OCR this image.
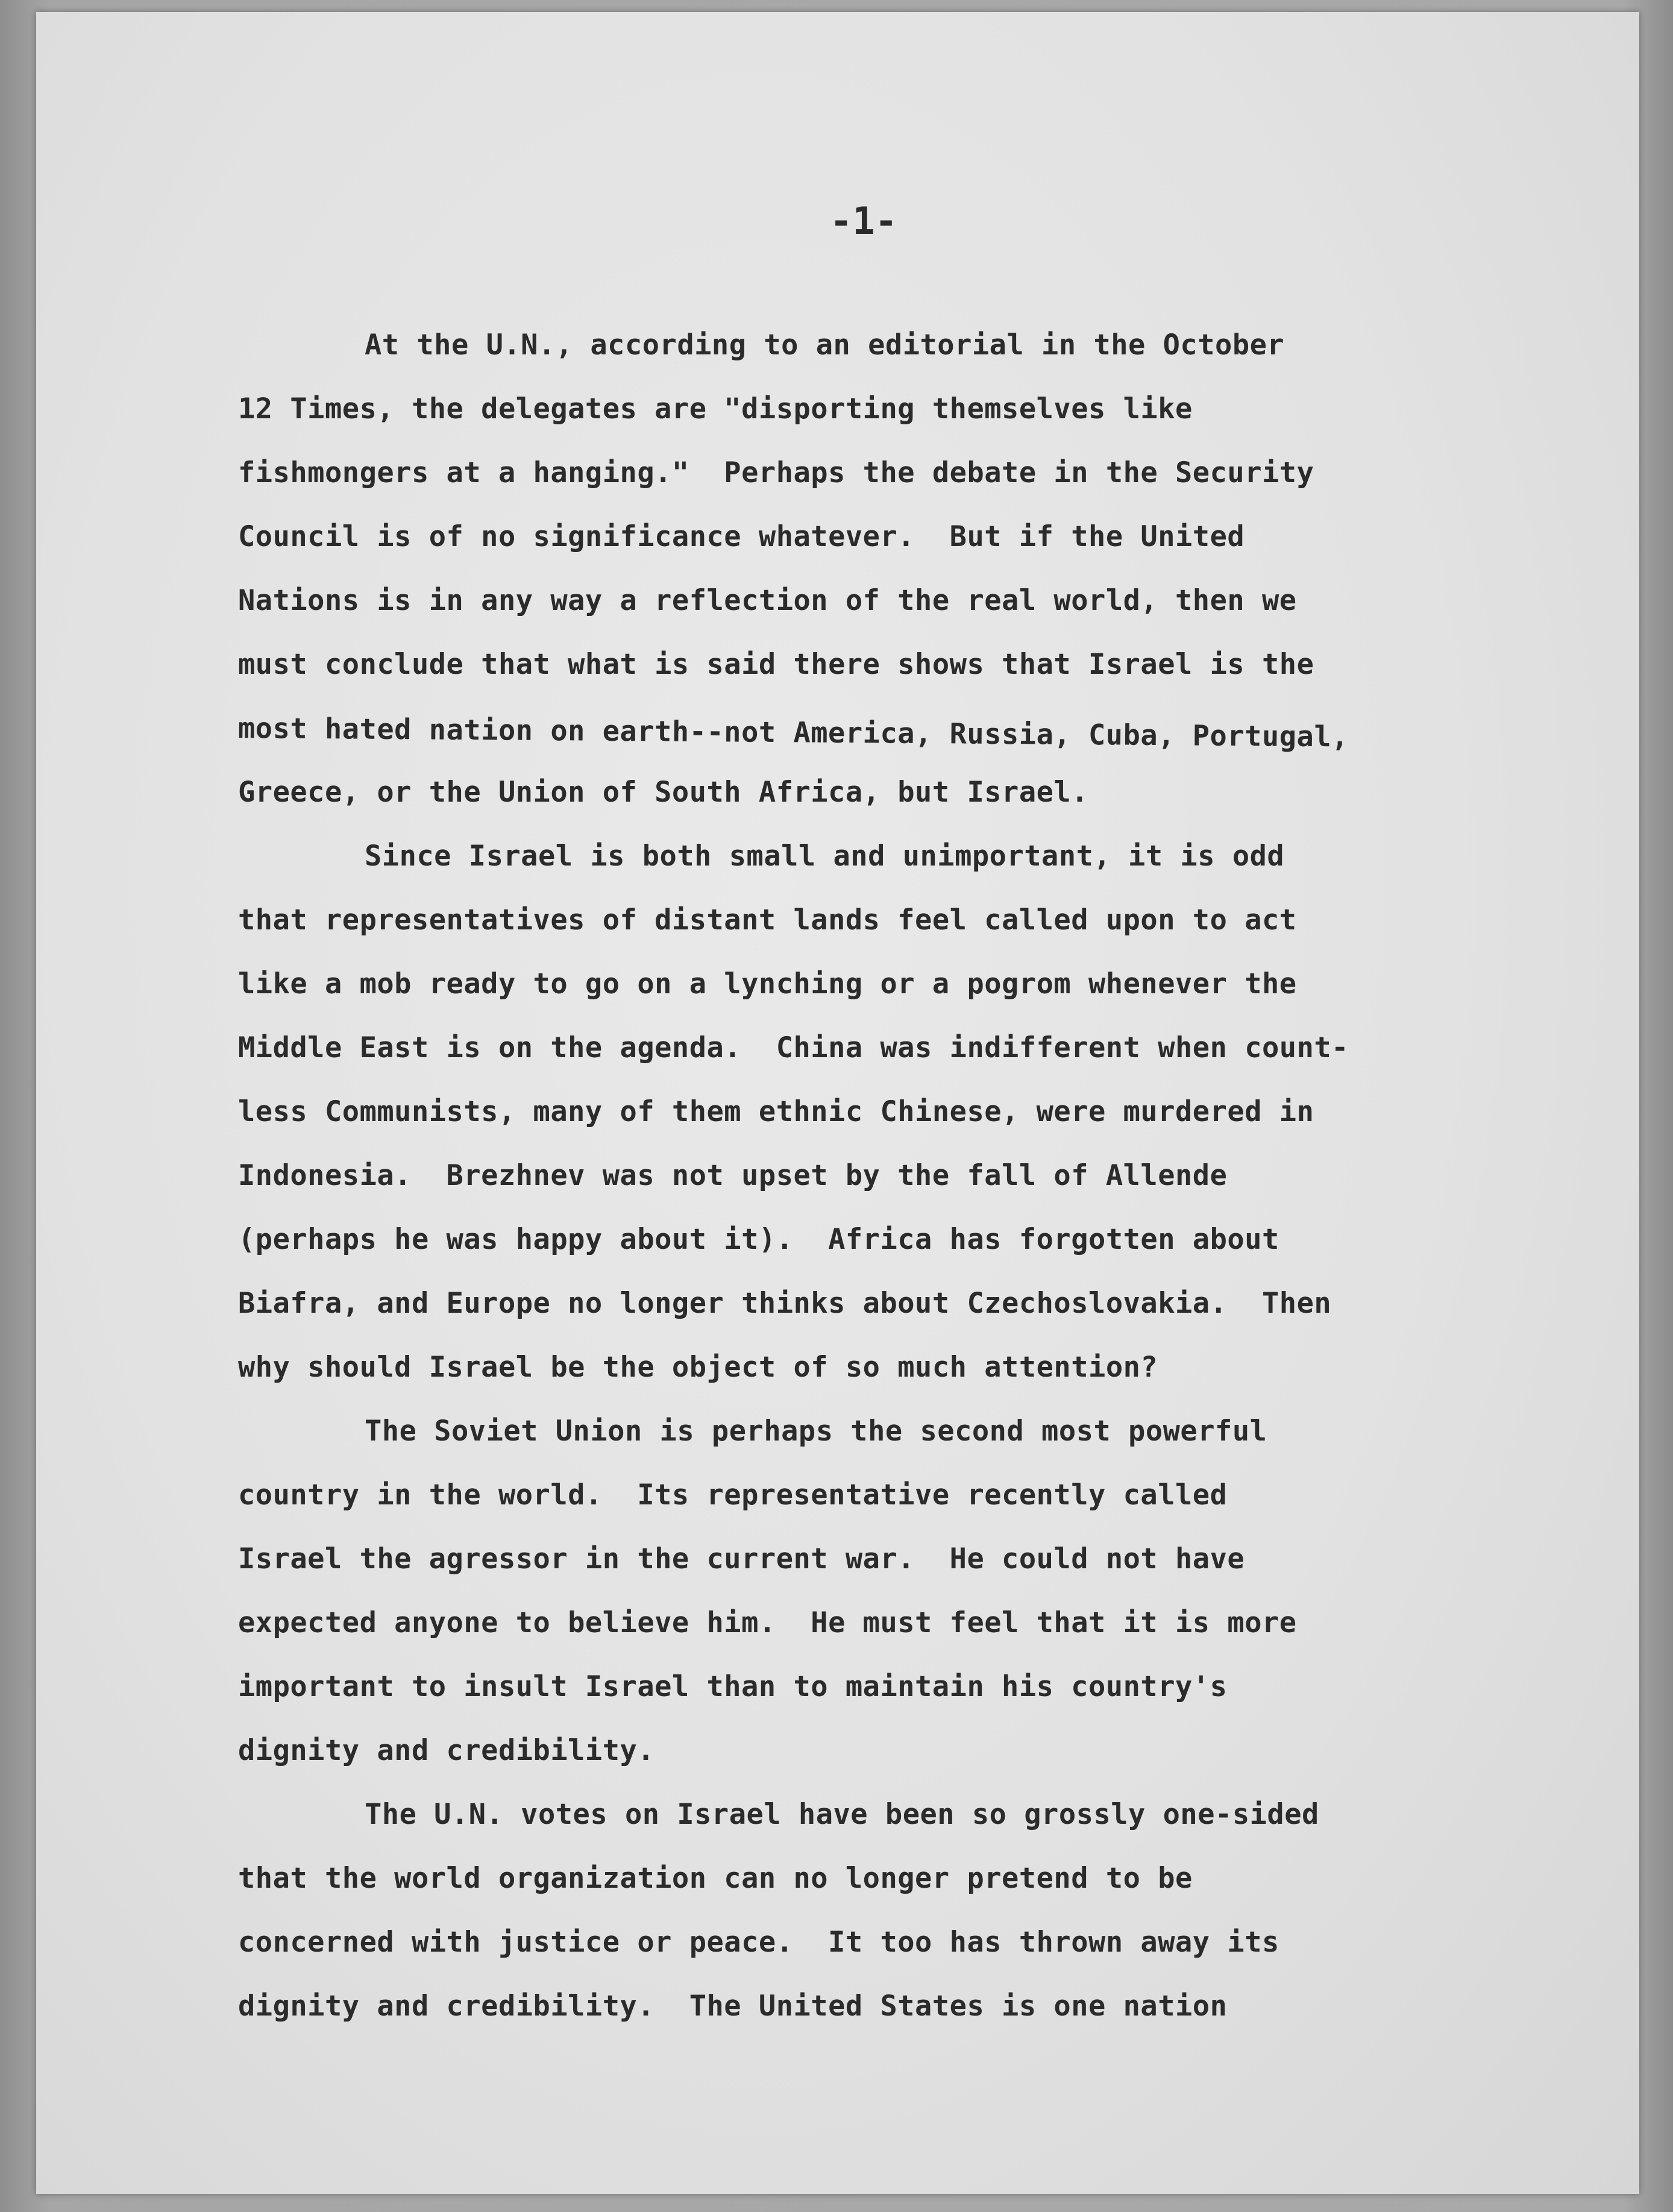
-1-
At the U.N., according to an editorial in the October
12 Times, the delegates are "disporting themselves like
fishmongers at a hanging."  Perhaps the debate in the Security
Council is of no significance whatever.  But if the United
Nations is in any way a reflection of the real world, then we
must conclude that what is said there shows that Israel is the
most hated nation on earth--not America, Russia, Cuba, Portugal,
Greece, or the Union of South Africa, but Israel.
Since Israel is both small and unimportant, it is odd
that representatives of distant lands feel called upon to act
like a mob ready to go on a lynching or a pogrom whenever the
Middle East is on the agenda.  China was indifferent when count-
less Communists, many of them ethnic Chinese, were murdered in
Indonesia.  Brezhnev was not upset by the fall of Allende
(perhaps he was happy about it).  Africa has forgotten about
Biafra, and Europe no longer thinks about Czechoslovakia.  Then
why should Israel be the object of so much attention?
The Soviet Union is perhaps the second most powerful
country in the world.  Its representative recently called
Israel the agressor in the current war.  He could not have
expected anyone to believe him.  He must feel that it is more
important to insult Israel than to maintain his country's
dignity and credibility.
The U.N. votes on Israel have been so grossly one-sided
that the world organization can no longer pretend to be
concerned with justice or peace.  It too has thrown away its
dignity and credibility.  The United States is one nation
